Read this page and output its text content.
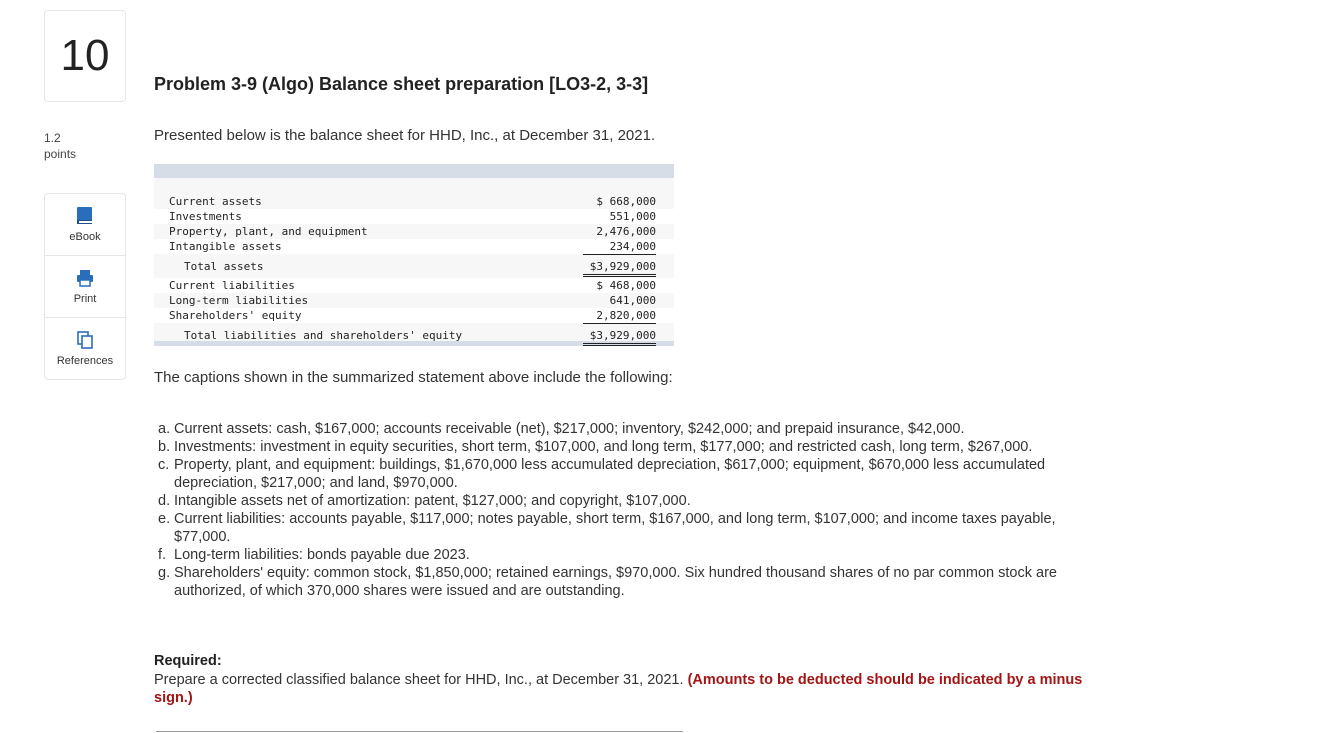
10
1.2
points
eBook
Print
References
Problem 3-9 (Algo) Balance sheet preparation [LO3-2, 3-3]
Presented below is the balance sheet for HHD, Inc., at December 31, 2021.
Current assets	$ 668,000
Investments	551,000
Property, plant, and equipment	2,476,000
Intangible assets	234,000
Total assets	$3,929,000
Current liabilities	$ 468,000
Long-term liabilities	641,000
Shareholders' equity	2,820,000
Total liabilities and shareholders' equity	$3,929,000
The captions shown in the summarized statement above include the following:
a. Current assets: cash, $167,000; accounts receivable (net), $217,000; inventory, $242,000; and prepaid insurance, $42,000.
b. Investments: investment in equity securities, short term, $107,000, and long term, $177,000; and restricted cash, long term, $267,000.
c. Property, plant, and equipment: buildings, $1,670,000 less accumulated depreciation, $617,000; equipment, $670,000 less accumulated depreciation, $217,000; and land, $970,000.
d. Intangible assets net of amortization: patent, $127,000; and copyright, $107,000.
e. Current liabilities: accounts payable, $117,000; notes payable, short term, $167,000, and long term, $107,000; and income taxes payable, $77,000.
f. Long-term liabilities: bonds payable due 2023.
g. Shareholders' equity: common stock, $1,850,000; retained earnings, $970,000. Six hundred thousand shares of no par common stock are authorized, of which 370,000 shares were issued and are outstanding.
Required:
Prepare a corrected classified balance sheet for HHD, Inc., at December 31, 2021. (Amounts to be deducted should be indicated by a minus sign.)
